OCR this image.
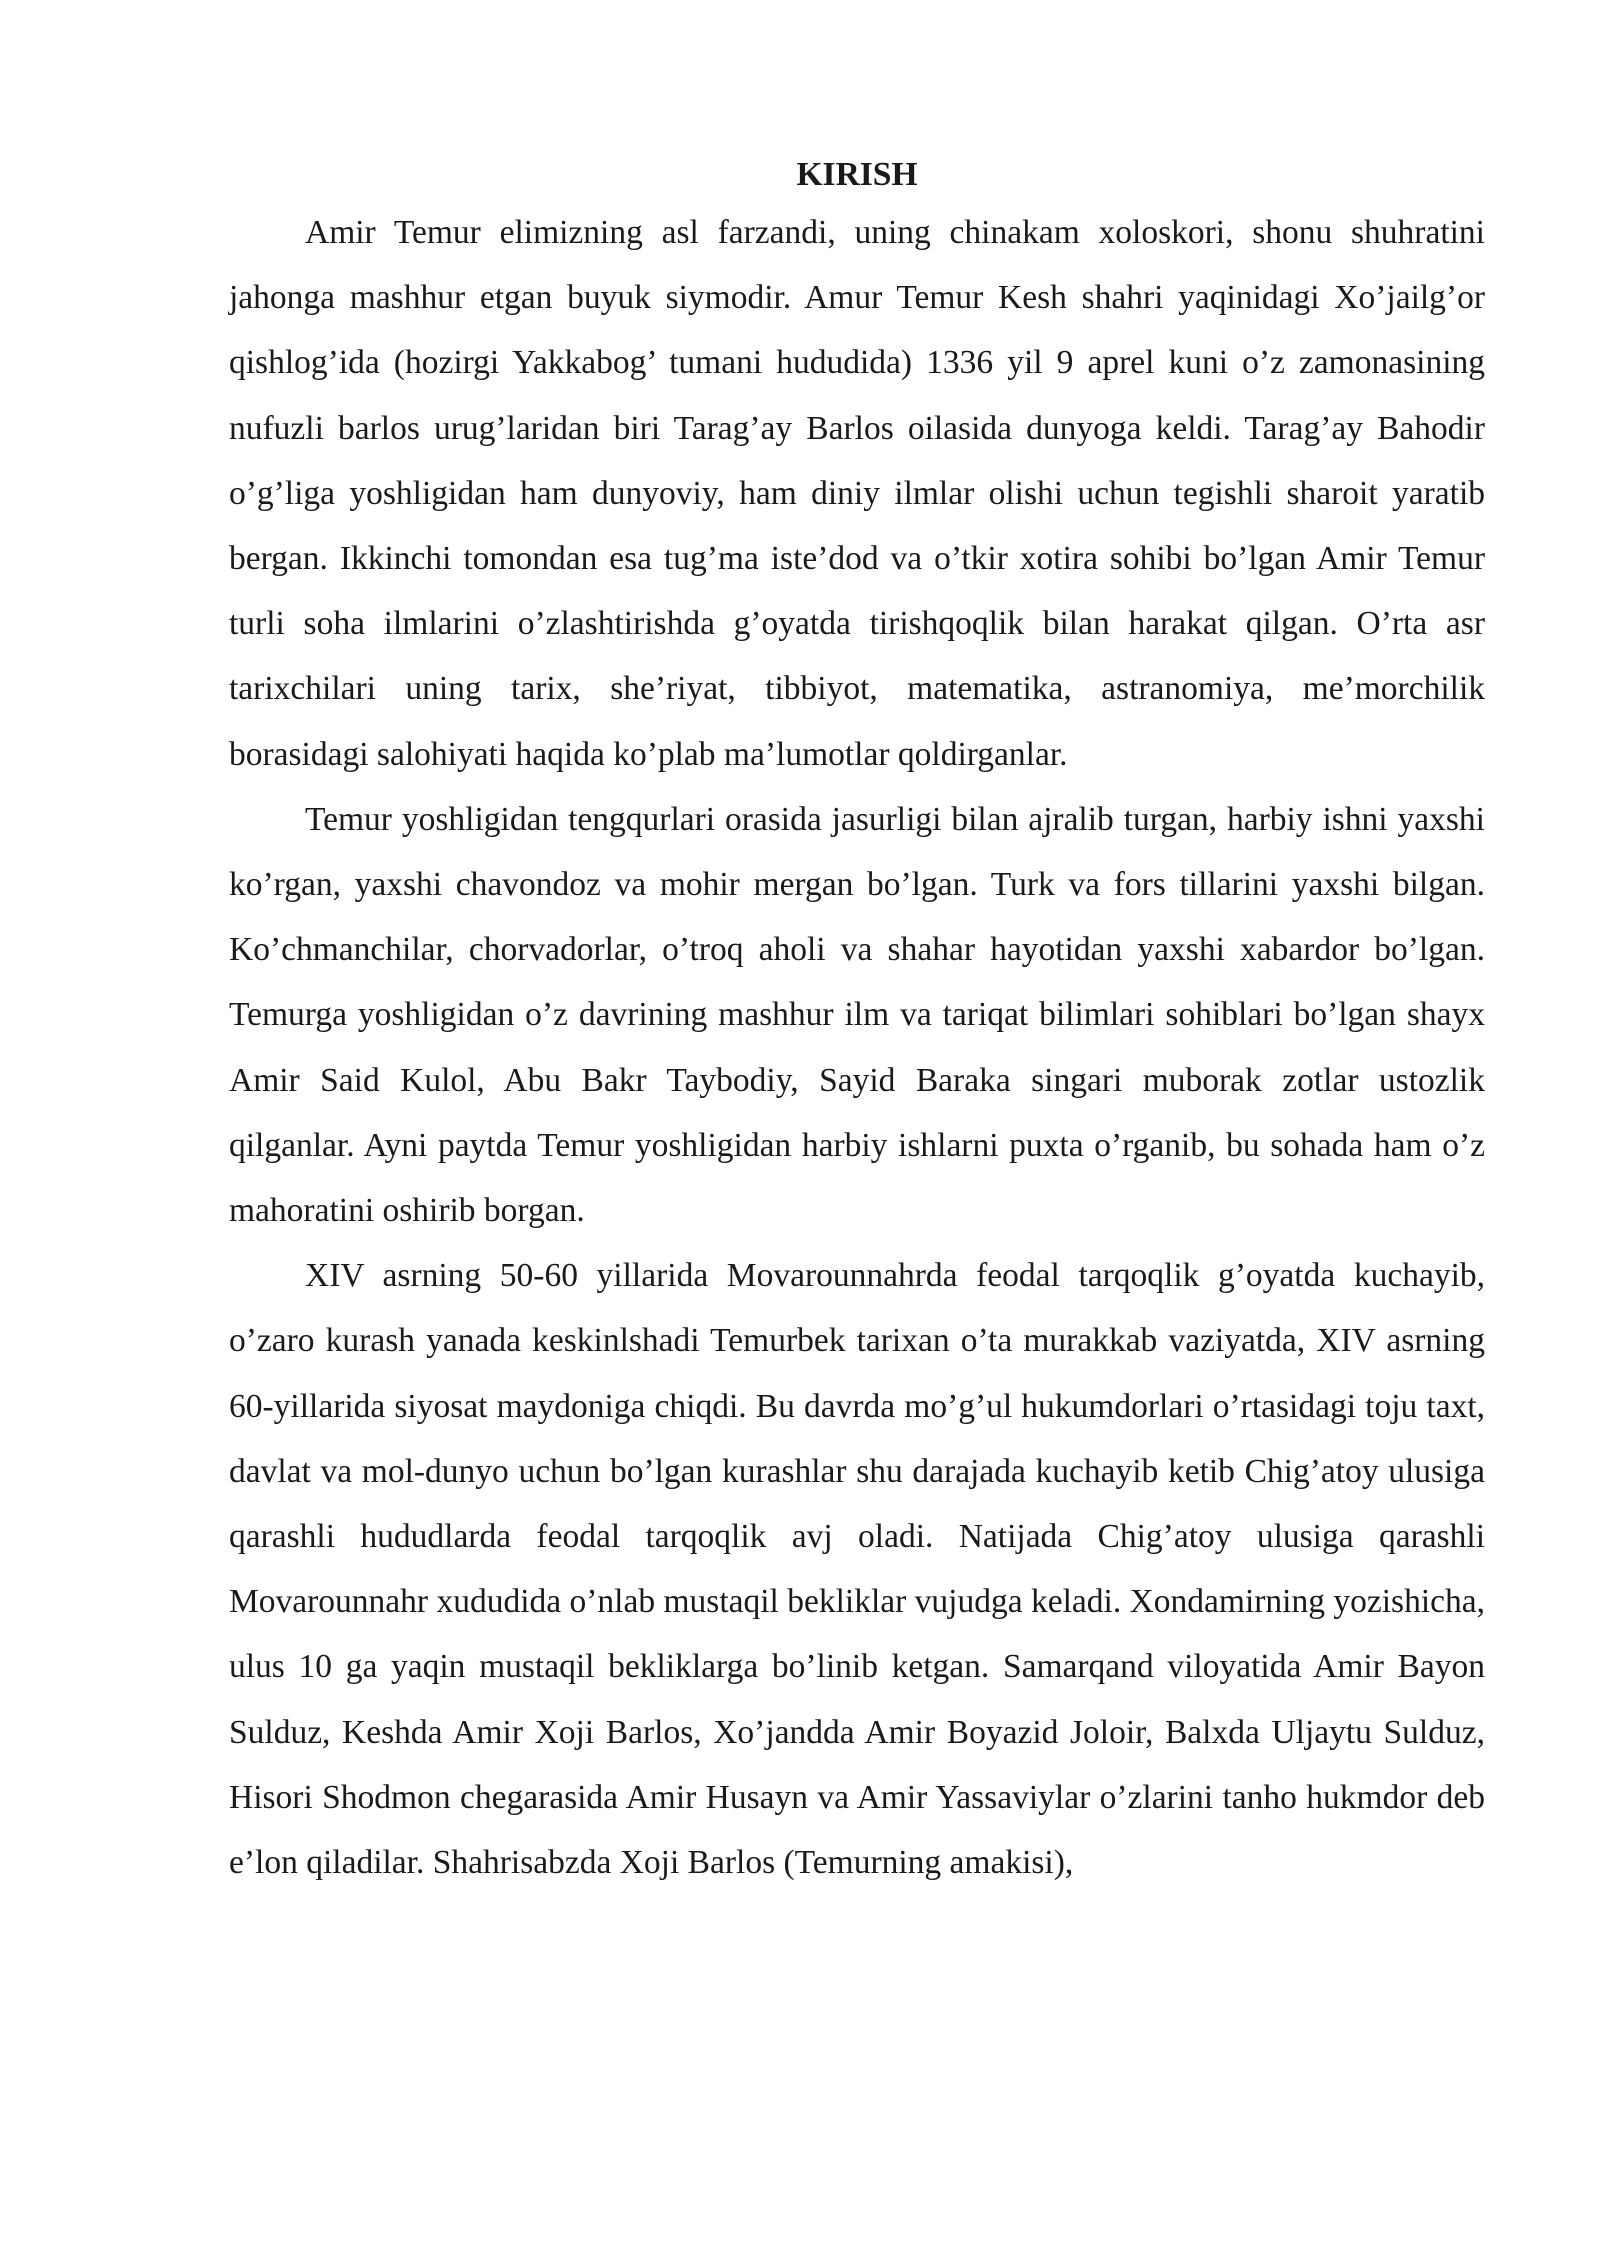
KIRISH

Amir Temur elimizning asl farzandi, uning chinakam xoloskori, shonu shuhratini jahonga mashhur etgan buyuk siymodir. Amur Temur Kesh shahri yaqinidagi Xo’jailg’or qishlog’ida (hozirgi Yakkabog’ tumani hududida) 1336 yil 9 aprel kuni o’z zamonasining nufuzli barlos urug’laridan biri Tarag’ay Barlos oilasida dunyoga keldi. Tarag’ay Bahodir o’g’liga yoshligidan ham dunyoviy, ham diniy ilmlar olishi uchun tegishli sharoit yaratib bergan. Ikkinchi tomondan esa tug’ma iste’dod va o’tkir xotira sohibi bo’lgan Amir Temur turli soha ilmlarini o’zlashtirishda g’oyatda tirishqoqlik bilan harakat qilgan. O’rta asr tarixchilari uning tarix, she’riyat, tibbiyot, matematika, astranomiya, me’morchilik borasidagi salohiyati haqida ko’plab ma’lumotlar qoldirganlar.

Temur yoshligidan tengqurlari orasida jasurligi bilan ajralib turgan, harbiy ishni yaxshi ko’rgan, yaxshi chavondoz va mohir mergan bo’lgan. Turk va fors tillarini yaxshi bilgan. Ko’chmanchilar, chorvadorlar, o’troq aholi va shahar hayotidan yaxshi xabardor bo’lgan. Temurga yoshligidan o’z davrining mashhur ilm va tariqat bilimlari sohiblari bo’lgan shayx Amir Said Kulol, Abu Bakr Taybodiy, Sayid Baraka singari muborak zotlar ustozlik qilganlar. Ayni paytda Temur yoshligidan harbiy ishlarni puxta o’rganib, bu sohada ham o’z mahoratini oshirib borgan.

XIV asrning 50-60 yillarida Movarounnahrda feodal tarqoqlik g’oyatda kuchayib, o’zaro kurash yanada keskinlshadi Temurbek tarixan o’ta murakkab vaziyatda, XIV asrning 60-yillarida siyosat maydoniga chiqdi. Bu davrda mo’g’ul hukumdorlari o’rtasidagi toju taxt, davlat va mol-dunyo uchun bo’lgan kurashlar shu darajada kuchayib ketib Chig’atoy ulusiga qarashli hududlarda feodal tarqoqlik avj oladi. Natijada Chig’atoy ulusiga qarashli Movarounnahr xududida o’nlab mustaqil bekliklar vujudga keladi. Xondamirning yozishicha, ulus 10 ga yaqin mustaqil bekliklarga bo’linib ketgan. Samarqand viloyatida Amir Bayon Sulduz, Keshda Amir Xoji Barlos, Xo’jandda Amir Boyazid Joloir, Balxda Uljaytu Sulduz, Hisori Shodmon chegarasida Amir Husayn va Amir Yassaviylar o’zlarini tanho hukmdor deb e’lon qiladilar. Shahrisabzda Xoji Barlos (Temurning amakisi),
